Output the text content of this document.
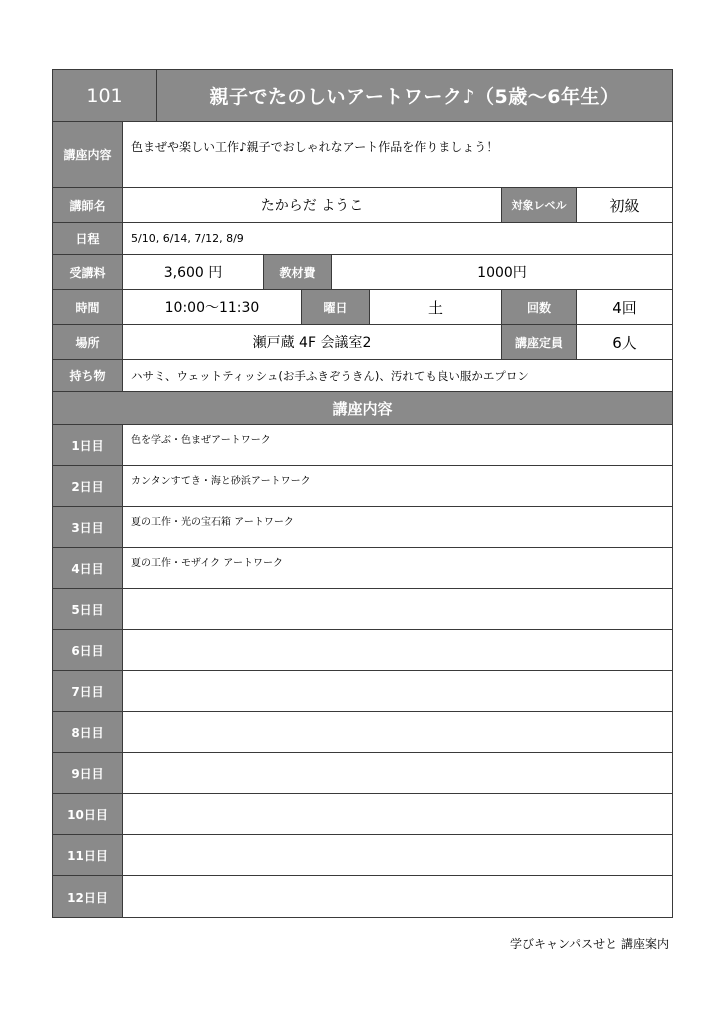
101	親子でたのしいアートワーク♪（5歳～6年生）
講座内容
色まぜや楽しい工作♪親子でおしゃれなアート作品を作りましょう！
講師名	たからだ ようこ	対象レベル	初級
日程	5/10, 6/14, 7/12, 8/9
受講料	3,600 円	教材費	1000円
時間	10:00～11:30	曜日	土	回数	4回
場所	瀬戸蔵 4F 会議室2	講座定員	6人
持ち物	ハサミ、ウェットティッシュ(お手ふきぞうきん)、汚れても良い服かエプロン
講座内容
1日目	色を学ぶ・色まぜアートワーク
2日目	カンタンすてき・海と砂浜アートワーク
3日目	夏の工作・光の宝石箱 アートワーク
4日目	夏の工作・モザイク アートワーク
5日目
6日目
7日目
8日目
9日目
10日目
11日目
12日目
学びキャンパスせと 講座案内
